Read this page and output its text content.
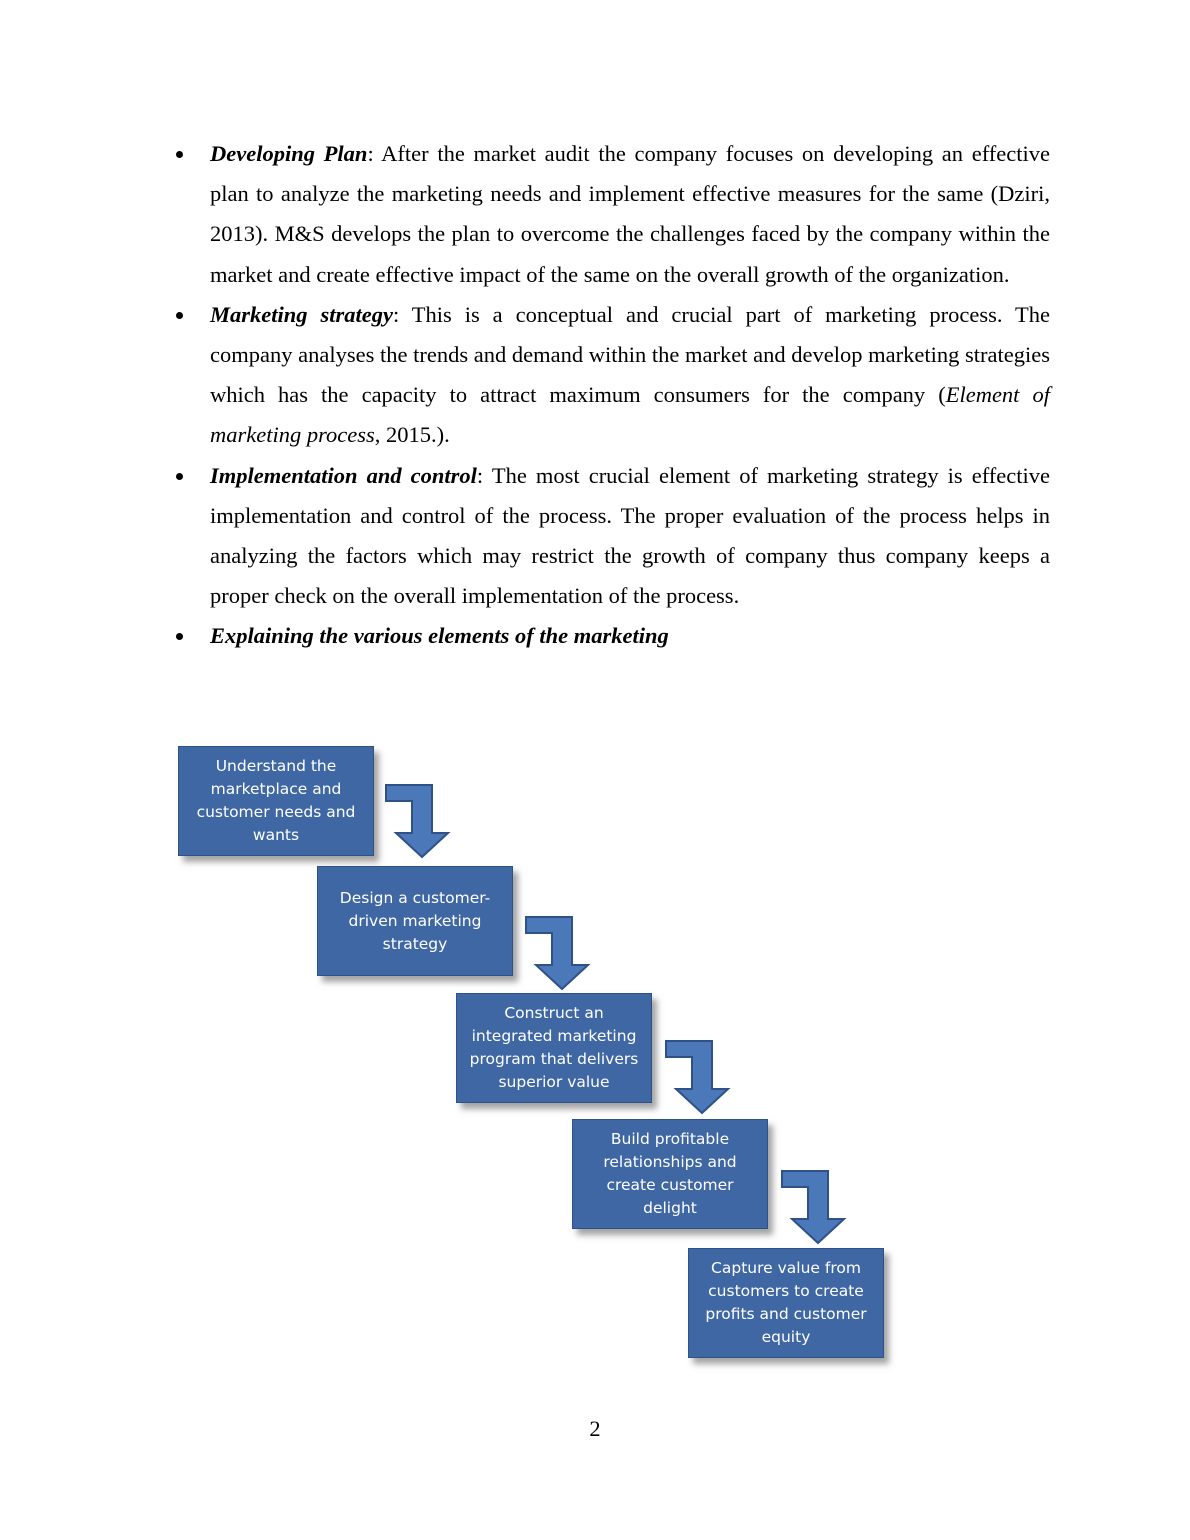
Developing Plan: After the market audit the company focuses on developing an effective plan to analyze the marketing needs and implement effective measures for the same (Dziri, 2013). M&S develops the plan to overcome the challenges faced by the company within the market and create effective impact of the same on the overall growth of the organization.
Marketing strategy: This is a conceptual and crucial part of marketing process. The company analyses the trends and demand within the market and develop marketing strategies which has the capacity to attract maximum consumers for the company (Element of marketing process, 2015.).
Implementation and control: The most crucial element of marketing strategy is effective implementation and control of the process. The proper evaluation of the process helps in analyzing the factors which may restrict the growth of company thus company keeps a proper check on the overall implementation of the process.
Explaining the various elements of the marketing
Understand the marketplace and customer needs and wants
Design a customer-driven marketing strategy
Construct an integrated marketing program that delivers superior value
Build profitable relationships and create customer delight
Capture value from customers to create profits and customer equity
2
